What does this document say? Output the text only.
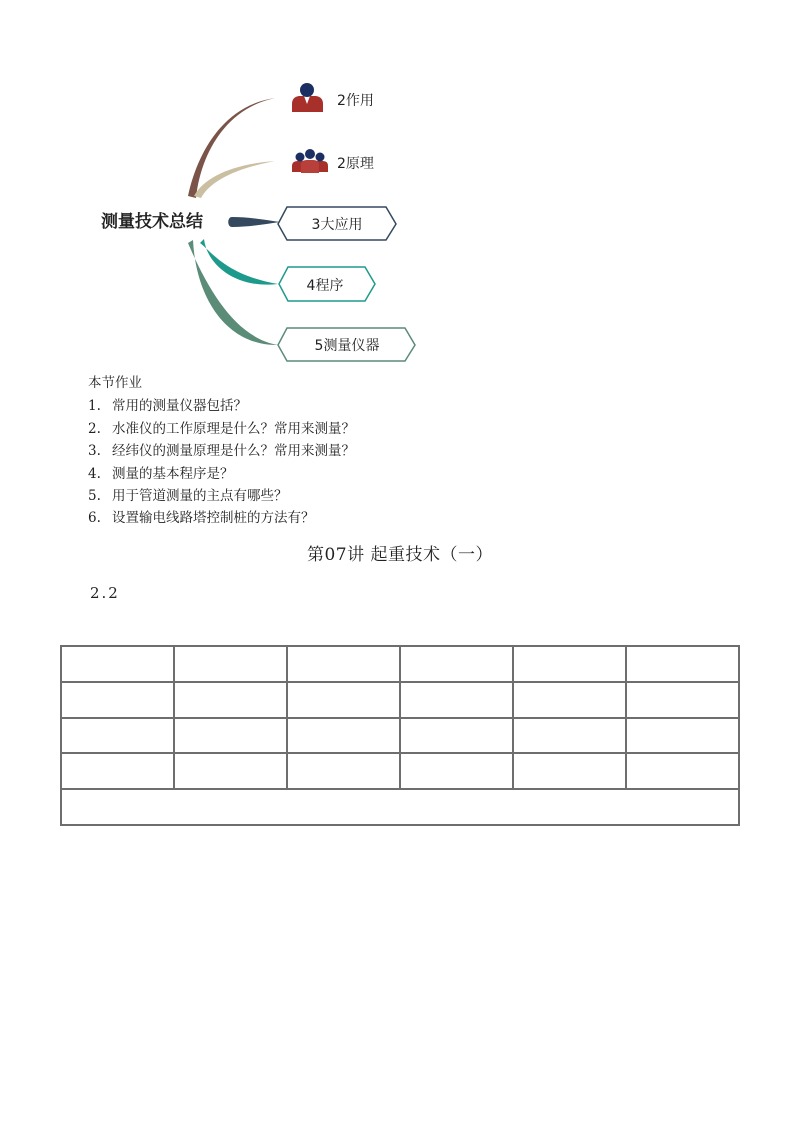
测量技术总结
2作用
2原理
3大应用
4程序
5测量仪器
本节作业
1. 常用的测量仪器包括？
2. 水准仪的工作原理是什么？常用来测量？
3. 经纬仪的测量原理是什么？常用来测量？
4. 测量的基本程序是？
5. 用于管道测量的主点有哪些？
6. 设置输电线路塔控制桩的方法有？
第07讲 起重技术（一）
2.2
